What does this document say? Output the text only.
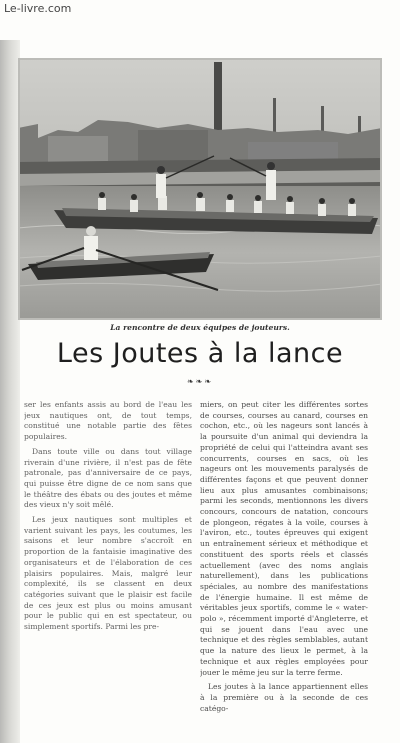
Le-livre.com
La rencontre de deux équipes de jouteurs.
Les Joutes à la lance
❧❧❧

ser les enfants assis au bord de l'eau les jeux nautiques ont, de tout temps, constitué une notable partie des fêtes populaires.

Dans toute ville ou dans tout village riverain d'une rivière, il n'est pas de fête patronale, pas d'anniversaire de ce pays, qui puisse être digne de ce nom sans que le théâtre des ébats ou des joutes et même des vieux n'y soit mêlé.

Les jeux nautiques sont multiples et varient suivant les pays, les coutumes, les saisons et leur nombre s'accroît en proportion de la fantaisie imaginative des organisateurs et de l'élaboration de ces plaisirs populaires. Mais, malgré leur complexité, ils se classent en deux catégories suivant que le plaisir est facile de ces jeux est plus ou moins amusant pour le public qui en est spectateur, ou simplement sportifs. Parmi les pre-

miers, on peut citer les différentes sortes de courses, courses au canard, courses en cochon, etc., où les nageurs sont lancés à la poursuite d'un animal qui deviendra la propriété de celui qui l'atteindra avant ses concurrents, courses en sacs, où les nageurs ont les mouvements paralysés de différentes façons et que peuvent donner lieu aux plus amusantes combinaisons; parmi les seconds, mentionnons les divers concours, concours de natation, concours de plongeon, régates à la voile, courses à l'aviron, etc., toutes épreuves qui exigent un entraînement sérieux et méthodique et constituent des sports réels et classés actuellement (avec des noms anglais naturellement), dans les publications spéciales, au nombre des manifestations de l'énergie humaine. Il est même de véritables jeux sportifs, comme le « water-polo », récemment importé d'Angleterre, et qui se jouent dans l'eau avec une technique et des règles semblables, autant que la nature des lieux le permet, à la technique et aux règles employées pour jouer le même jeu sur la terre ferme.

Les joutes à la lance appartiennent elles à la première ou à la seconde de ces catégo-
